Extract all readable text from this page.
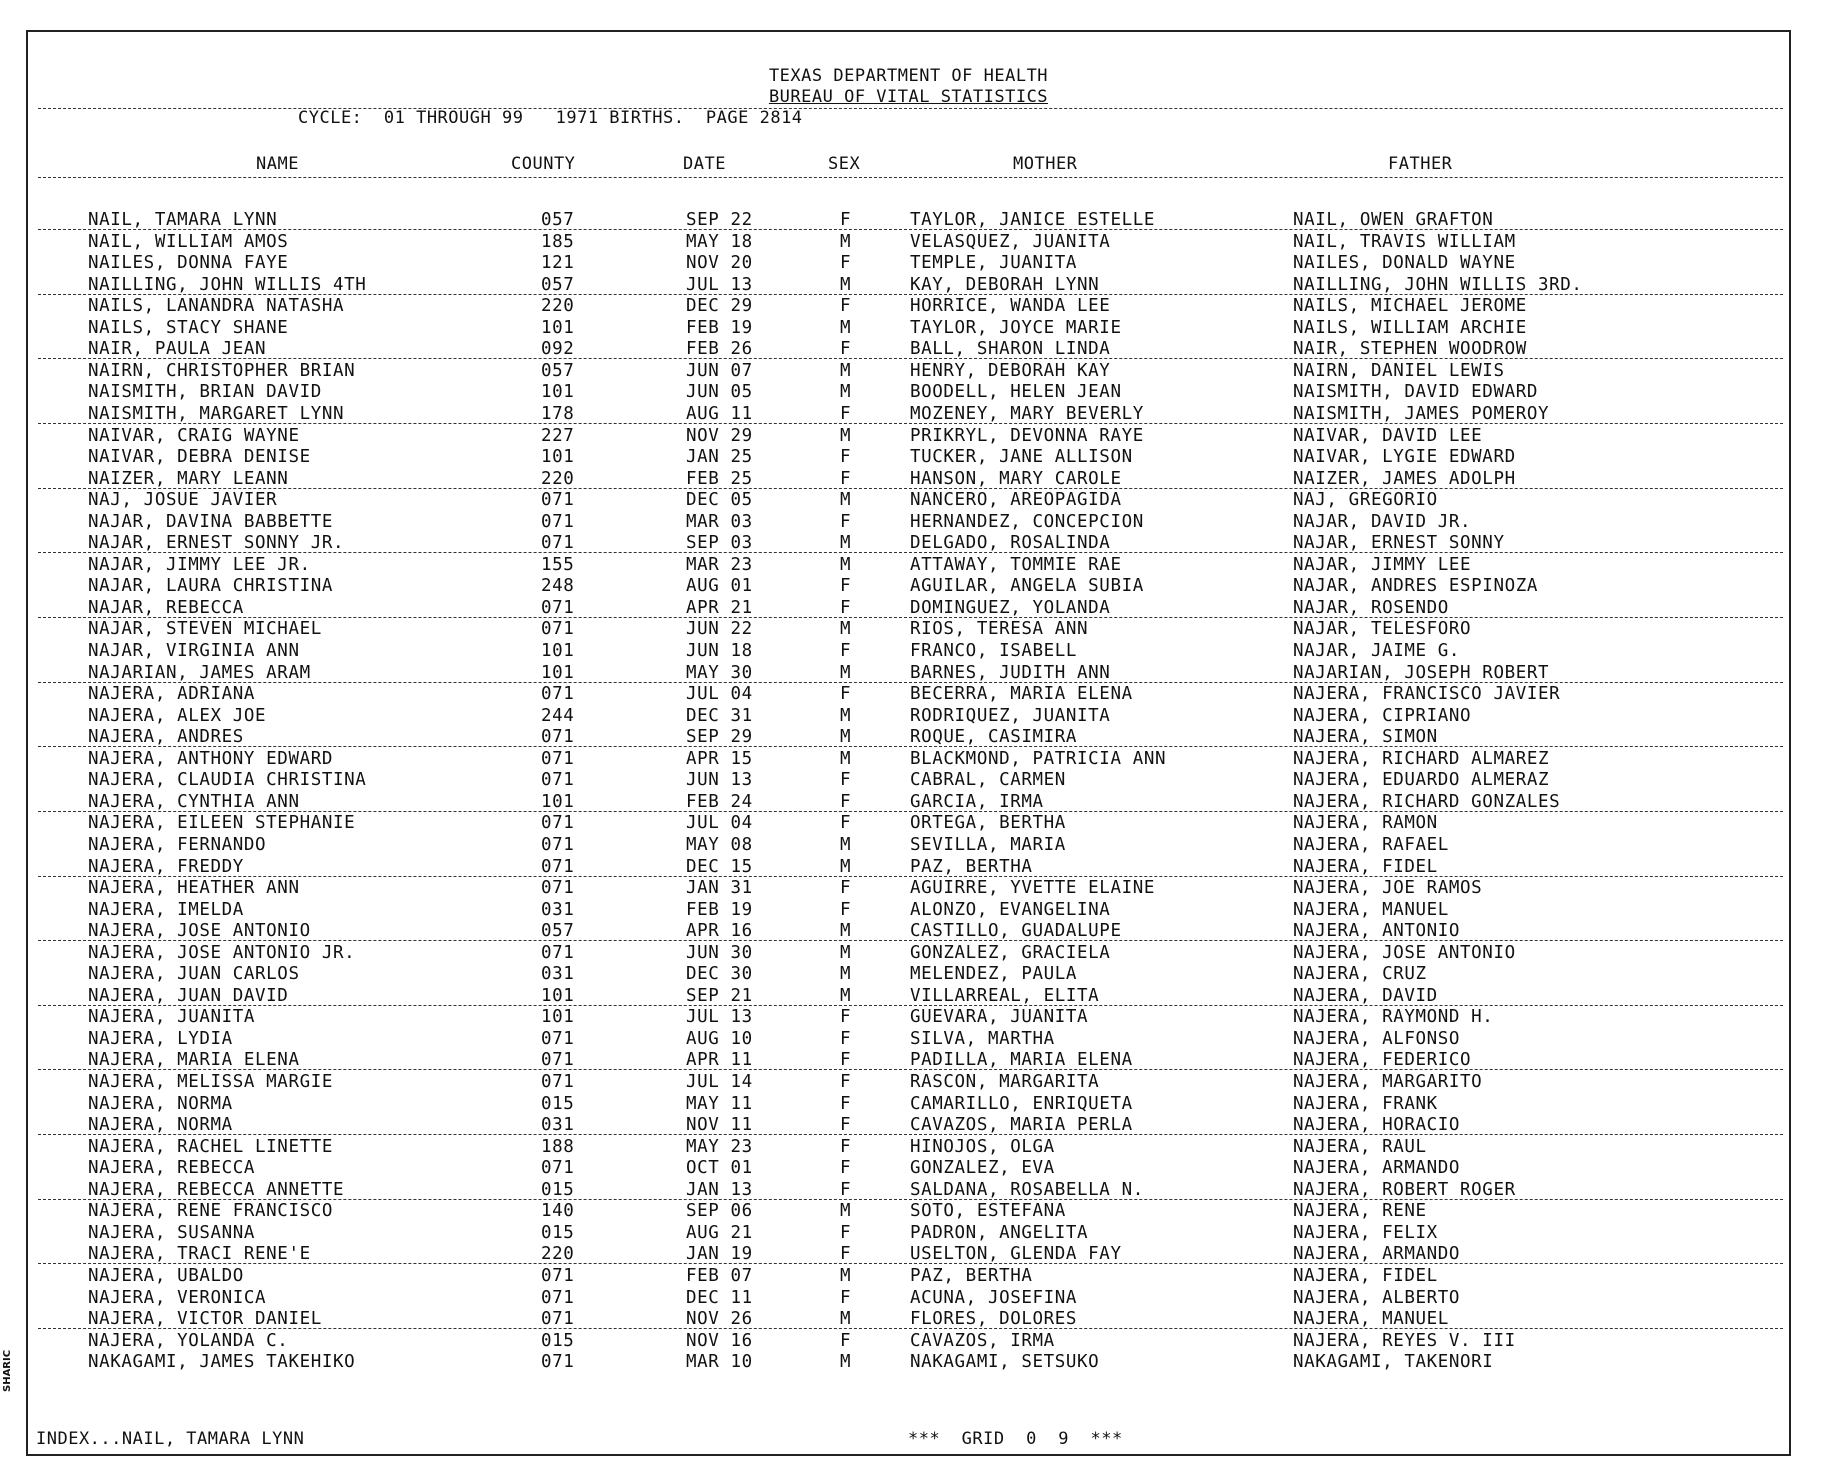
TEXAS DEPARTMENT OF HEALTH
BUREAU OF VITAL STATISTICS
CYCLE:  01 THROUGH 99   1971 BIRTHS.  PAGE 2814
NAME	COUNTY	DATE	SEX	MOTHER	FATHER
NAIL, TAMARA LYNN	057	SEP 22	F	TAYLOR, JANICE ESTELLE	NAIL, OWEN GRAFTON
NAIL, WILLIAM AMOS	185	MAY 18	M	VELASQUEZ, JUANITA	NAIL, TRAVIS WILLIAM
NAILES, DONNA FAYE	121	NOV 20	F	TEMPLE, JUANITA	NAILES, DONALD WAYNE
NAILLING, JOHN WILLIS 4TH	057	JUL 13	M	KAY, DEBORAH LYNN	NAILLING, JOHN WILLIS 3RD.
NAILS, LANANDRA NATASHA	220	DEC 29	F	HORRICE, WANDA LEE	NAILS, MICHAEL JEROME
NAILS, STACY SHANE	101	FEB 19	M	TAYLOR, JOYCE MARIE	NAILS, WILLIAM ARCHIE
NAIR, PAULA JEAN	092	FEB 26	F	BALL, SHARON LINDA	NAIR, STEPHEN WOODROW
NAIRN, CHRISTOPHER BRIAN	057	JUN 07	M	HENRY, DEBORAH KAY	NAIRN, DANIEL LEWIS
NAISMITH, BRIAN DAVID	101	JUN 05	M	BOODELL, HELEN JEAN	NAISMITH, DAVID EDWARD
NAISMITH, MARGARET LYNN	178	AUG 11	F	MOZENEY, MARY BEVERLY	NAISMITH, JAMES POMEROY
NAIVAR, CRAIG WAYNE	227	NOV 29	M	PRIKRYL, DEVONNA RAYE	NAIVAR, DAVID LEE
NAIVAR, DEBRA DENISE	101	JAN 25	F	TUCKER, JANE ALLISON	NAIVAR, LYGIE EDWARD
NAIZER, MARY LEANN	220	FEB 25	F	HANSON, MARY CAROLE	NAIZER, JAMES ADOLPH
NAJ, JOSUE JAVIER	071	DEC 05	M	NANCERO, AREOPAGIDA	NAJ, GREGORIO
NAJAR, DAVINA BABBETTE	071	MAR 03	F	HERNANDEZ, CONCEPCION	NAJAR, DAVID JR.
NAJAR, ERNEST SONNY JR.	071	SEP 03	M	DELGADO, ROSALINDA	NAJAR, ERNEST SONNY
NAJAR, JIMMY LEE JR.	155	MAR 23	M	ATTAWAY, TOMMIE RAE	NAJAR, JIMMY LEE
NAJAR, LAURA CHRISTINA	248	AUG 01	F	AGUILAR, ANGELA SUBIA	NAJAR, ANDRES ESPINOZA
NAJAR, REBECCA	071	APR 21	F	DOMINGUEZ, YOLANDA	NAJAR, ROSENDO
NAJAR, STEVEN MICHAEL	071	JUN 22	M	RIOS, TERESA ANN	NAJAR, TELESFORO
NAJAR, VIRGINIA ANN	101	JUN 18	F	FRANCO, ISABELL	NAJAR, JAIME G.
NAJARIAN, JAMES ARAM	101	MAY 30	M	BARNES, JUDITH ANN	NAJARIAN, JOSEPH ROBERT
NAJERA, ADRIANA	071	JUL 04	F	BECERRA, MARIA ELENA	NAJERA, FRANCISCO JAVIER
NAJERA, ALEX JOE	244	DEC 31	M	RODRIQUEZ, JUANITA	NAJERA, CIPRIANO
NAJERA, ANDRES	071	SEP 29	M	ROQUE, CASIMIRA	NAJERA, SIMON
NAJERA, ANTHONY EDWARD	071	APR 15	M	BLACKMOND, PATRICIA ANN	NAJERA, RICHARD ALMAREZ
NAJERA, CLAUDIA CHRISTINA	071	JUN 13	F	CABRAL, CARMEN	NAJERA, EDUARDO ALMERAZ
NAJERA, CYNTHIA ANN	101	FEB 24	F	GARCIA, IRMA	NAJERA, RICHARD GONZALES
NAJERA, EILEEN STEPHANIE	071	JUL 04	F	ORTEGA, BERTHA	NAJERA, RAMON
NAJERA, FERNANDO	071	MAY 08	M	SEVILLA, MARIA	NAJERA, RAFAEL
NAJERA, FREDDY	071	DEC 15	M	PAZ, BERTHA	NAJERA, FIDEL
NAJERA, HEATHER ANN	071	JAN 31	F	AGUIRRE, YVETTE ELAINE	NAJERA, JOE RAMOS
NAJERA, IMELDA	031	FEB 19	F	ALONZO, EVANGELINA	NAJERA, MANUEL
NAJERA, JOSE ANTONIO	057	APR 16	M	CASTILLO, GUADALUPE	NAJERA, ANTONIO
NAJERA, JOSE ANTONIO JR.	071	JUN 30	M	GONZALEZ, GRACIELA	NAJERA, JOSE ANTONIO
NAJERA, JUAN CARLOS	031	DEC 30	M	MELENDEZ, PAULA	NAJERA, CRUZ
NAJERA, JUAN DAVID	101	SEP 21	M	VILLARREAL, ELITA	NAJERA, DAVID
NAJERA, JUANITA	101	JUL 13	F	GUEVARA, JUANITA	NAJERA, RAYMOND H.
NAJERA, LYDIA	071	AUG 10	F	SILVA, MARTHA	NAJERA, ALFONSO
NAJERA, MARIA ELENA	071	APR 11	F	PADILLA, MARIA ELENA	NAJERA, FEDERICO
NAJERA, MELISSA MARGIE	071	JUL 14	F	RASCON, MARGARITA	NAJERA, MARGARITO
NAJERA, NORMA	015	MAY 11	F	CAMARILLO, ENRIQUETA	NAJERA, FRANK
NAJERA, NORMA	031	NOV 11	F	CAVAZOS, MARIA PERLA	NAJERA, HORACIO
NAJERA, RACHEL LINETTE	188	MAY 23	F	HINOJOS, OLGA	NAJERA, RAUL
NAJERA, REBECCA	071	OCT 01	F	GONZALEZ, EVA	NAJERA, ARMANDO
NAJERA, REBECCA ANNETTE	015	JAN 13	F	SALDANA, ROSABELLA N.	NAJERA, ROBERT ROGER
NAJERA, RENE FRANCISCO	140	SEP 06	M	SOTO, ESTEFANA	NAJERA, RENE
NAJERA, SUSANNA	015	AUG 21	F	PADRON, ANGELITA	NAJERA, FELIX
NAJERA, TRACI RENE'E	220	JAN 19	F	USELTON, GLENDA FAY	NAJERA, ARMANDO
NAJERA, UBALDO	071	FEB 07	M	PAZ, BERTHA	NAJERA, FIDEL
NAJERA, VERONICA	071	DEC 11	F	ACUNA, JOSEFINA	NAJERA, ALBERTO
NAJERA, VICTOR DANIEL	071	NOV 26	M	FLORES, DOLORES	NAJERA, MANUEL
NAJERA, YOLANDA C.	015	NOV 16	F	CAVAZOS, IRMA	NAJERA, REYES V. III
NAKAGAMI, JAMES TAKEHIKO	071	MAR 10	M	NAKAGAMI, SETSUKO	NAKAGAMI, TAKENORI
INDEX...NAIL, TAMARA LYNN	***  GRID  0  9  ***
SHARIC
